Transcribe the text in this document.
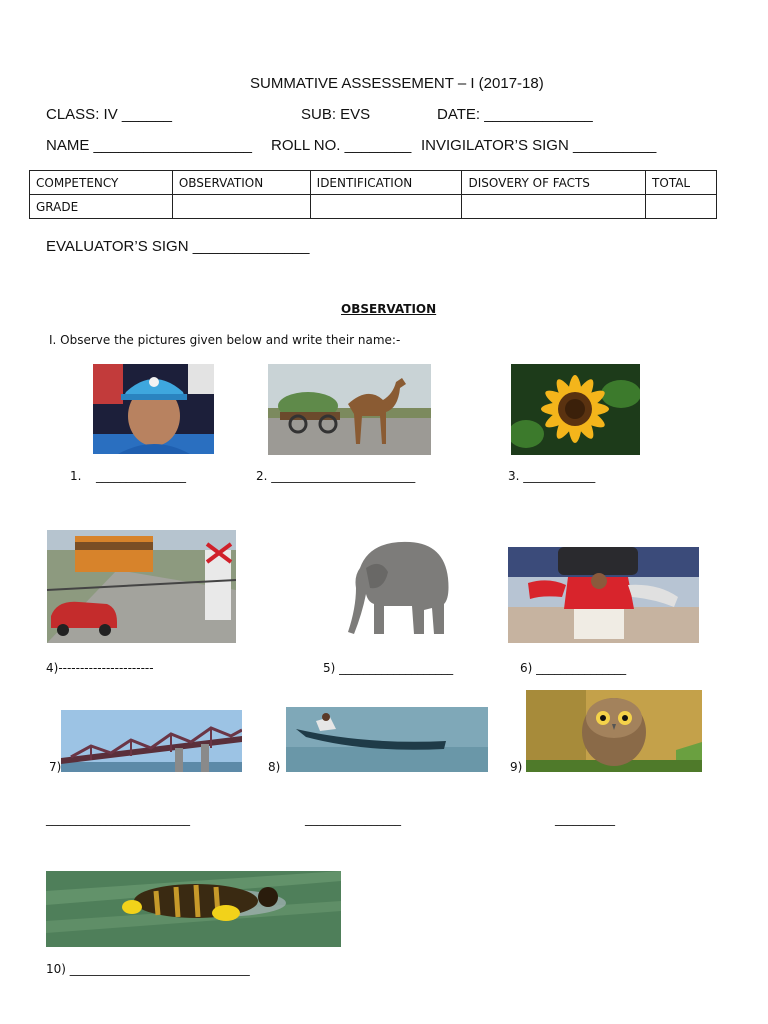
SUMMATIVE ASSESSEMENT – I (2017-18)
CLASS: IV ______	SUB: EVS	DATE: _____________
NAME ___________________ ROLL NO. ________ INVIGILATOR’S SIGN __________
COMPETENCY	OBSERVATION	IDENTIFICATION	DISOVERY OF FACTS	TOTAL
GRADE				
EVALUATOR’S SIGN ______________
OBSERVATION
I. Observe the pictures given below and write their name:-
1. _______________	2. ________________________	3. ____________
4)----------------------	5) ___________________	6) _______________
7)	8)	9)
________________________	________________	__________
10) ______________________________
